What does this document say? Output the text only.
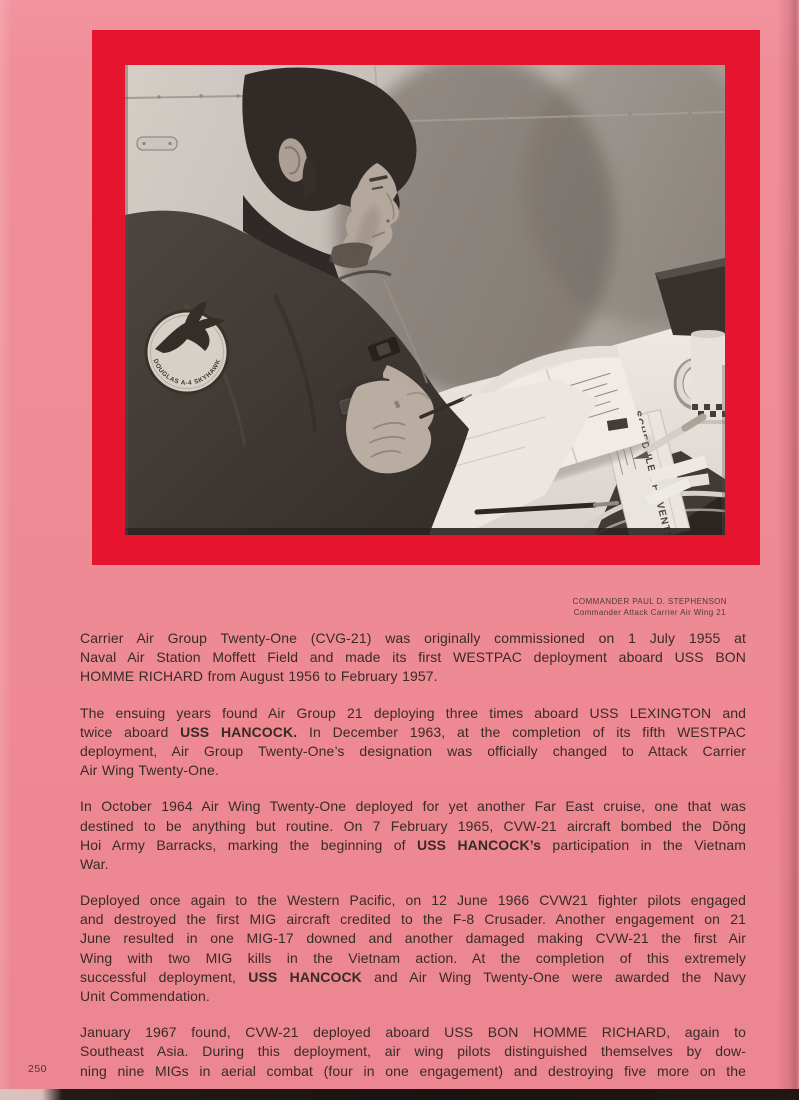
OF EVENTS
DOUGLAS A-4 SKYHAWK
COMMANDER PAUL D. STEPHENSON
Commander Attack Carrier Air Wing 21
Carrier Air Group Twenty-One (CVG-21) was originally commissioned on 1 July 1955 at
Naval Air Station Moffett Field and made its first WESTPAC deployment aboard USS BON
HOMME RICHARD from August 1956 to February 1957.
The ensuing years found Air Group 21 deploying three times aboard USS LEXINGTON and
twice aboard USS HANCOCK. In December 1963, at the completion of its fifth WESTPAC
deployment, Air Group Twenty-One’s designation was officially changed to Attack Carrier
Air Wing Twenty-One.
In October 1964 Air Wing Twenty-One deployed for yet another Far East cruise, one that was
destined to be anything but routine. On 7 February 1965, CVW-21 aircraft bombed the Dŏng
Hoi Army Barracks, marking the beginning of USS HANCOCK’s participation in the Vietnam
War.
Deployed once again to the Western Pacific, on 12 June 1966 CVW21 fighter pilots engaged
and destroyed the first MIG aircraft credited to the F-8 Crusader. Another engagement on 21
June resulted in one MIG-17 downed and another damaged making CVW-21 the first Air
Wing with two MIG kills in the Vietnam action. At the completion of this extremely
successful deployment, USS HANCOCK and Air Wing Twenty-One were awarded the Navy
Unit Commendation.
January 1967 found, CVW-21 deployed aboard USS BON HOMME RICHARD, again to
Southeast Asia. During this deployment, air wing pilots distinguished themselves by dow-
ning nine MIGs in aerial combat (four in one engagement) and destroying five more on the
250
